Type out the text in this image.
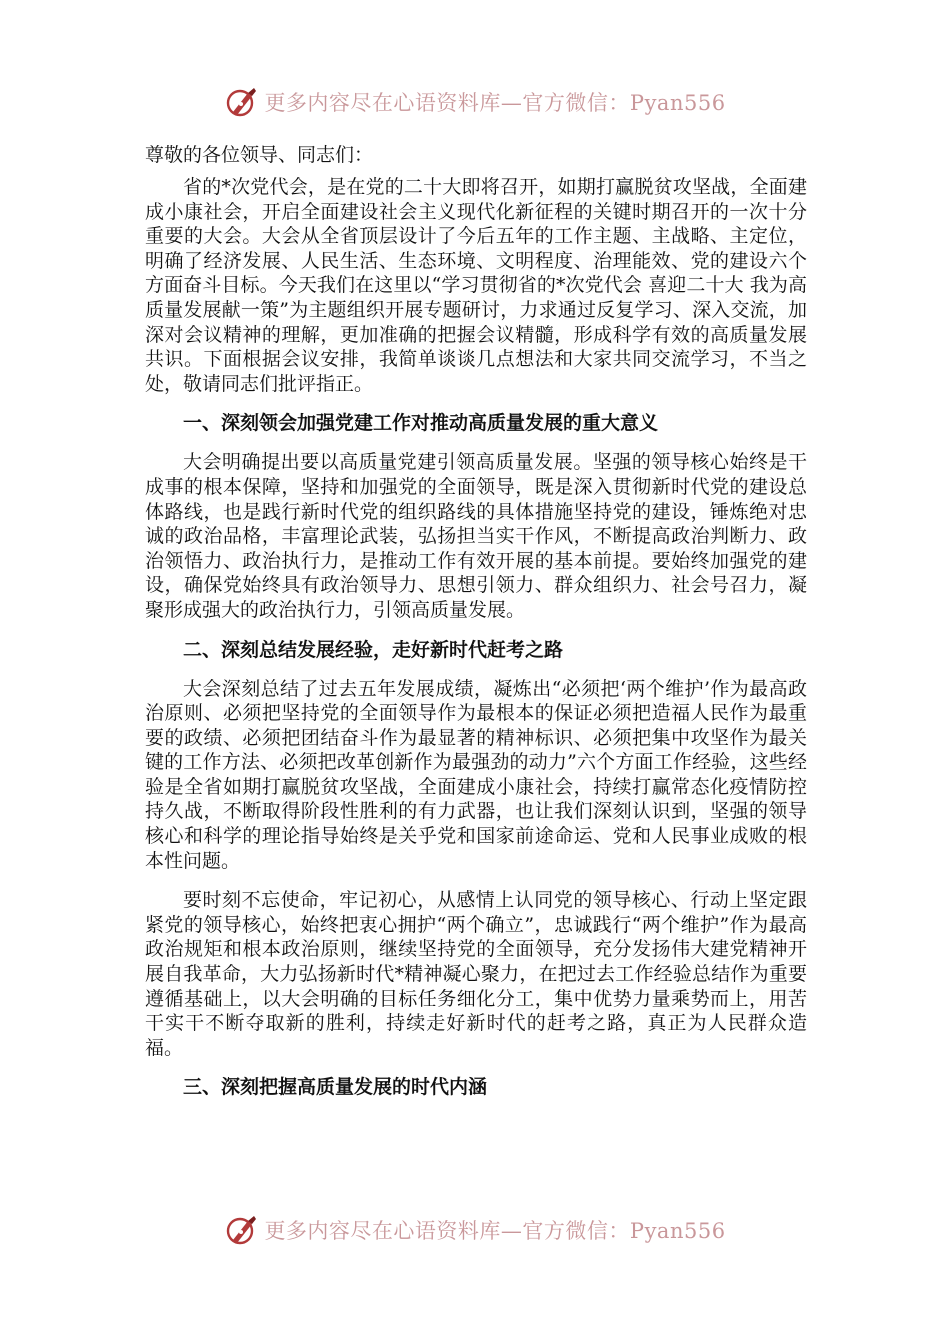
更多内容尽在心语资料库—官方微信：Pyan556

尊敬的各位领导、同志们：

省的*次党代会，是在党的二十大即将召开，如期打赢脱贫攻坚战，全面建成小康社会，开启全面建设社会主义现代化新征程的关键时期召开的一次十分重要的大会。大会从全省顶层设计了今后五年的工作主题、主战略、主定位，明确了经济发展、人民生活、生态环境、文明程度、治理能效、党的建设六个方面奋斗目标。今天我们在这里以“学习贯彻省的*次党代会 喜迎二十大 我为高质量发展献一策”为主题组织开展专题研讨，力求通过反复学习、深入交流，加深对会议精神的理解，更加准确的把握会议精髓，形成科学有效的高质量发展共识。下面根据会议安排，我简单谈谈几点想法和大家共同交流学习，不当之处，敬请同志们批评指正。

一、深刻领会加强党建工作对推动高质量发展的重大意义

大会明确提出要以高质量党建引领高质量发展。坚强的领导核心始终是干成事的根本保障，坚持和加强党的全面领导，既是深入贯彻新时代党的建设总体路线，也是践行新时代党的组织路线的具体措施坚持党的建设，锤炼绝对忠诚的政治品格，丰富理论武装，弘扬担当实干作风，不断提高政治判断力、政治领悟力、政治执行力，是推动工作有效开展的基本前提。要始终加强党的建设，确保党始终具有政治领导力、思想引领力、群众组织力、社会号召力，凝聚形成强大的政治执行力，引领高质量发展。

二、深刻总结发展经验，走好新时代赶考之路

大会深刻总结了过去五年发展成绩，凝炼出“必须把‘两个维护’作为最高政治原则、必须把坚持党的全面领导作为最根本的保证必须把造福人民作为最重要的政绩、必须把团结奋斗作为最显著的精神标识、必须把集中攻坚作为最关键的工作方法、必须把改革创新作为最强劲的动力”六个方面工作经验，这些经验是全省如期打赢脱贫攻坚战，全面建成小康社会，持续打赢常态化疫情防控持久战，不断取得阶段性胜利的有力武器，也让我们深刻认识到，坚强的领导核心和科学的理论指导始终是关乎党和国家前途命运、党和人民事业成败的根本性问题。

要时刻不忘使命，牢记初心，从感情上认同党的领导核心、行动上坚定跟紧党的领导核心，始终把衷心拥护“两个确立”，忠诚践行“两个维护”作为最高政治规矩和根本政治原则，继续坚持党的全面领导，充分发扬伟大建党精神开展自我革命，大力弘扬新时代*精神凝心聚力，在把过去工作经验总结作为重要遵循基础上，以大会明确的目标任务细化分工，集中优势力量乘势而上，用苦干实干不断夺取新的胜利，持续走好新时代的赶考之路，真正为人民群众造福。

三、深刻把握高质量发展的时代内涵

更多内容尽在心语资料库—官方微信：Pyan556
